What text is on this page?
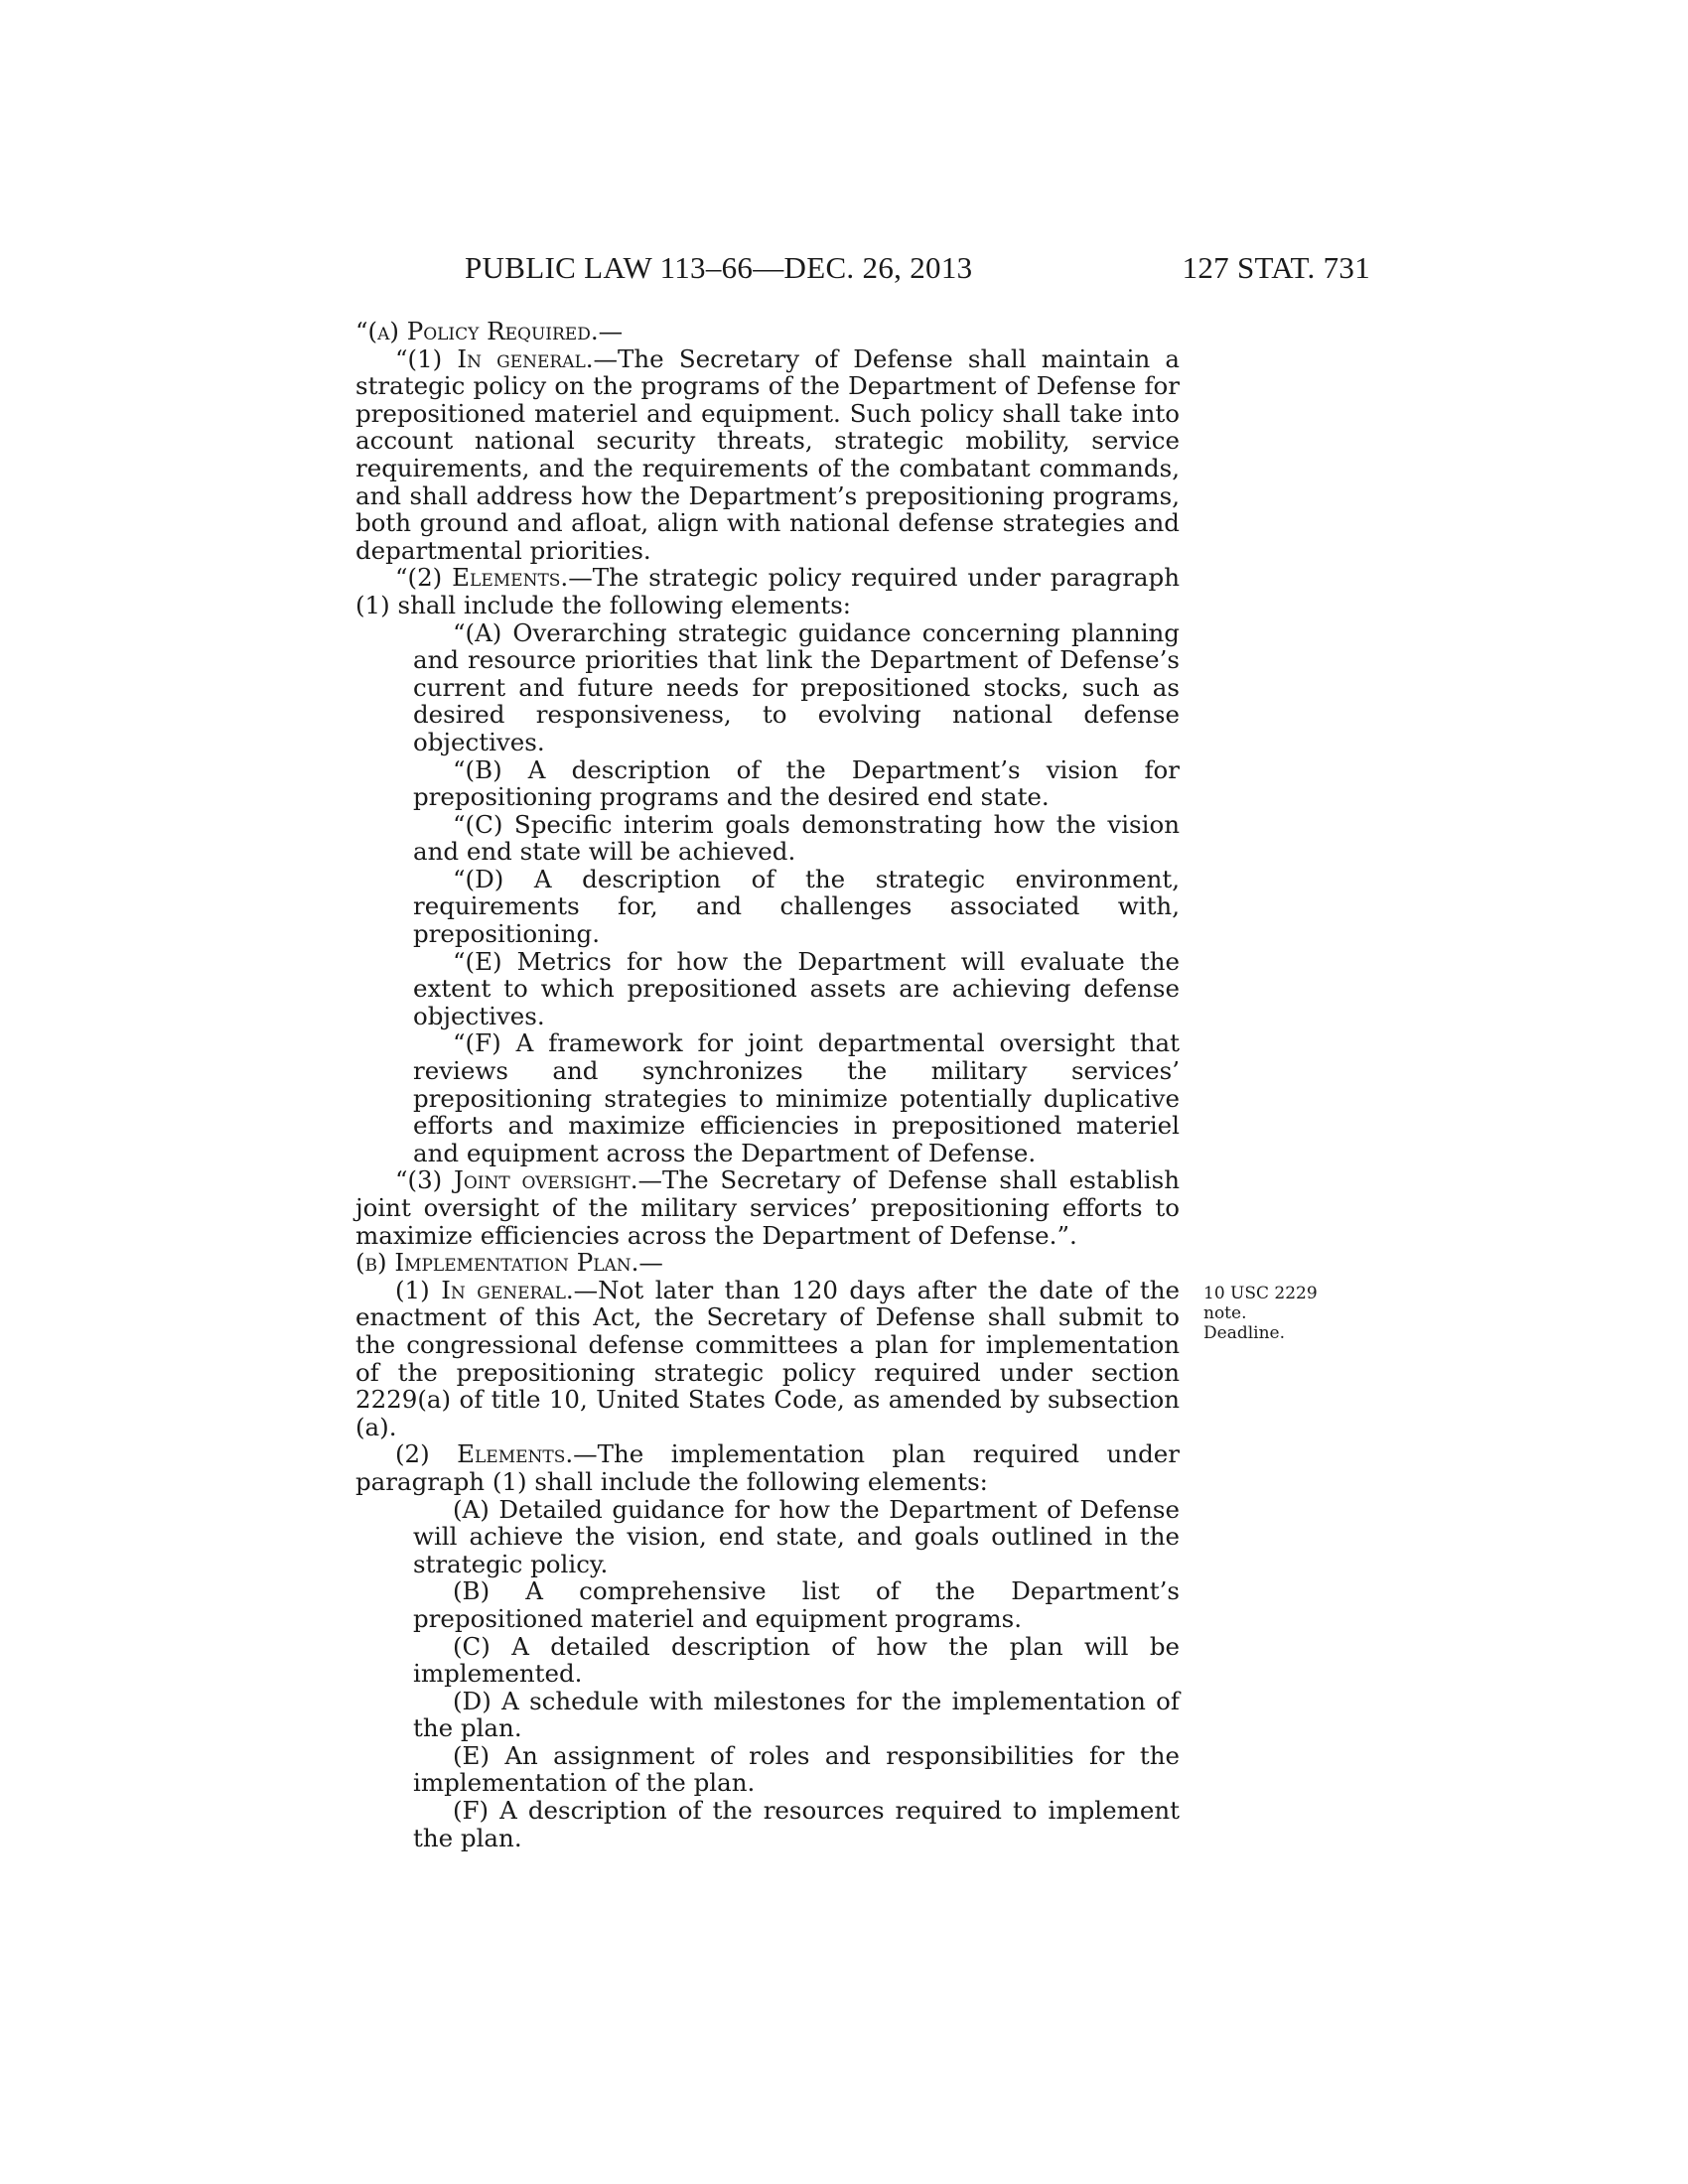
PUBLIC LAW 113–66—DEC. 26, 2013	127 STAT. 731

“(a) Policy Required.—

“(1) In general.—The Secretary of Defense shall maintain a strategic policy on the programs of the Department of Defense for prepositioned materiel and equipment. Such policy shall take into account national security threats, strategic mobility, service requirements, and the requirements of the combatant commands, and shall address how the Department’s prepositioning programs, both ground and afloat, align with national defense strategies and departmental priorities.

“(2) Elements.—The strategic policy required under paragraph (1) shall include the following elements:

“(A) Overarching strategic guidance concerning planning and resource priorities that link the Department of Defense’s current and future needs for prepositioned stocks, such as desired responsiveness, to evolving national defense objectives.

“(B) A description of the Department’s vision for prepositioning programs and the desired end state.

“(C) Specific interim goals demonstrating how the vision and end state will be achieved.

“(D) A description of the strategic environment, requirements for, and challenges associated with, prepositioning.

“(E) Metrics for how the Department will evaluate the extent to which prepositioned assets are achieving defense objectives.

“(F) A framework for joint departmental oversight that reviews and synchronizes the military services’ prepositioning strategies to minimize potentially duplicative efforts and maximize efficiencies in prepositioned materiel and equipment across the Department of Defense.

“(3) Joint oversight.—The Secretary of Defense shall establish joint oversight of the military services’ prepositioning efforts to maximize efficiencies across the Department of Defense.”.

(b) Implementation Plan.—

(1) In general.—Not later than 120 days after the date of the enactment of this Act, the Secretary of Defense shall submit to the congressional defense committees a plan for implementation of the prepositioning strategic policy required under section 2229(a) of title 10, United States Code, as amended by subsection (a).

(2) Elements.—The implementation plan required under paragraph (1) shall include the following elements:

(A) Detailed guidance for how the Department of Defense will achieve the vision, end state, and goals outlined in the strategic policy.

(B) A comprehensive list of the Department’s prepositioned materiel and equipment programs.

(C) A detailed description of how the plan will be implemented.

(D) A schedule with milestones for the implementation of the plan.

(E) An assignment of roles and responsibilities for the implementation of the plan.

(F) A description of the resources required to implement the plan.

10 USC 2229
note.
Deadline.
